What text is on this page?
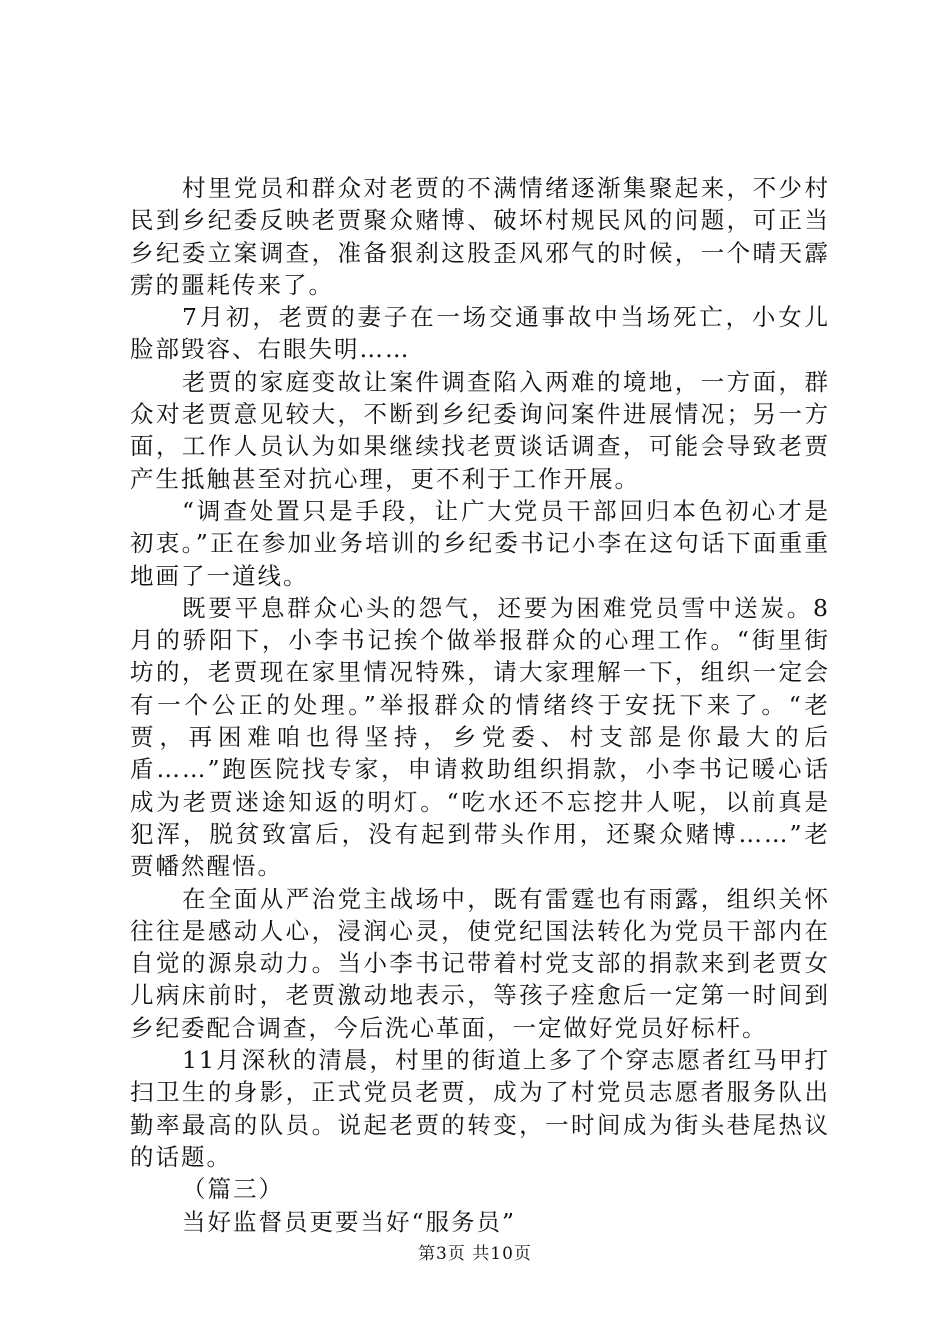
村里党员和群众对老贾的不满情绪逐渐集聚起来，不少村民到乡纪委反映老贾聚众赌博、破坏村规民风的问题，可正当乡纪委立案调查，准备狠刹这股歪风邪气的时候，一个晴天霹雳的噩耗传来了。

7月初，老贾的妻子在一场交通事故中当场死亡，小女儿脸部毁容、右眼失明……

老贾的家庭变故让案件调查陷入两难的境地，一方面，群众对老贾意见较大，不断到乡纪委询问案件进展情况；另一方面，工作人员认为如果继续找老贾谈话调查，可能会导致老贾产生抵触甚至对抗心理，更不利于工作开展。

“调查处置只是手段，让广大党员干部回归本色初心才是初衷。”正在参加业务培训的乡纪委书记小李在这句话下面重重地画了一道线。

既要平息群众心头的怨气，还要为困难党员雪中送炭。8月的骄阳下，小李书记挨个做举报群众的心理工作。“街里街坊的，老贾现在家里情况特殊，请大家理解一下，组织一定会有一个公正的处理。”举报群众的情绪终于安抚下来了。“老贾，再困难咱也得坚持，乡党委、村支部是你最大的后盾……”跑医院找专家，申请救助组织捐款，小李书记暖心话成为老贾迷途知返的明灯。“吃水还不忘挖井人呢，以前真是犯浑，脱贫致富后，没有起到带头作用，还聚众赌博……”老贾幡然醒悟。

在全面从严治党主战场中，既有雷霆也有雨露，组织关怀往往是感动人心，浸润心灵，使党纪国法转化为党员干部内在自觉的源泉动力。当小李书记带着村党支部的捐款来到老贾女儿病床前时，老贾激动地表示，等孩子痊愈后一定第一时间到乡纪委配合调查，今后洗心革面，一定做好党员好标杆。

11月深秋的清晨，村里的街道上多了个穿志愿者红马甲打扫卫生的身影，正式党员老贾，成为了村党员志愿者服务队出勤率最高的队员。说起老贾的转变，一时间成为街头巷尾热议的话题。

（篇三）

当好监督员更要当好“服务员”

第3页 共10页
